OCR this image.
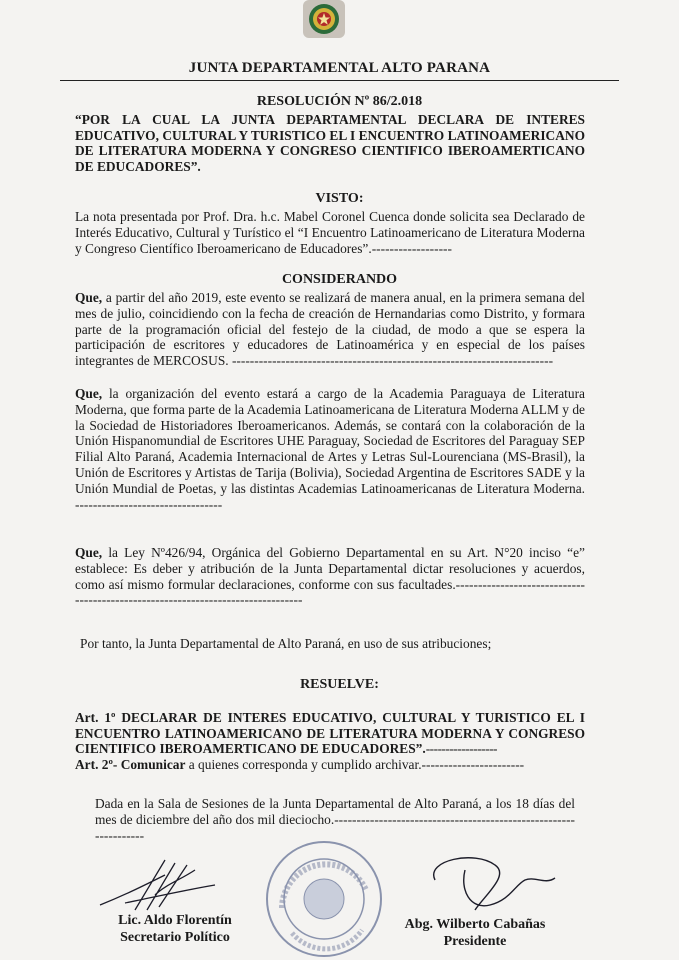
JUNTA DEPARTAMENTAL ALTO PARANA
RESOLUCIÓN Nº 86/2.018
“POR LA CUAL LA JUNTA DEPARTAMENTAL DECLARA DE INTERES EDUCATIVO, CULTURAL Y TURISTICO EL I ENCUENTRO LATINOAMERICANO DE LITERATURA MODERNA Y CONGRESO CIENTIFICO IBEROAMERTICANO DE EDUCADORES”.
VISTO:
La nota presentada por Prof. Dra. h.c. Mabel Coronel Cuenca donde solicita sea Declarado de Interés Educativo, Cultural y Turístico el “I Encuentro Latinoamericano de Literatura Moderna y Congreso Científico Iberoamericano de Educadores”.------------------
CONSIDERANDO
Que, a partir del año 2019, este evento se realizará de manera anual, en la primera semana del mes de julio, coincidiendo con la fecha de creación de Hernandarias como Distrito, y formara parte de la programación oficial del festejo de la ciudad, de modo a que se espera la participación de escritores y educadores de Latinoamérica y en especial de los países integrantes de MERCOSUS. ------------------------------------------------------------------------
Que, la organización del evento estará a cargo de la Academia Paraguaya de Literatura Moderna, que forma parte de la Academia Latinoamericana de Literatura Moderna ALLM y de la Sociedad de Historiadores Iberoamericanos. Además, se contará con la colaboración de la Unión Hispanomundial de Escritores UHE Paraguay, Sociedad de Escritores del Paraguay SEP Filial Alto Paraná, Academia Internacional de Artes y Letras Sul-Lourenciana (MS-Brasil), la Unión de Escritores y Artistas de Tarija (Bolivia), Sociedad Argentina de Escritores SADE y la Unión Mundial de Poetas, y las distintas Academias Latinoamericanas de Literatura Moderna. ---------------------------------
Que, la Ley Nº426/94, Orgánica del Gobierno Departamental en su Art. N°20 inciso “e” establece: Es deber y atribución de la Junta Departamental dictar resoluciones y acuerdos, como así mismo formular declaraciones, conforme con sus facultades.--------------------------------------------------------------------------------
Por tanto, la Junta Departamental de Alto Paraná, en uso de sus atribuciones;
RESUELVE:
Art. 1º DECLARAR DE INTERES EDUCATIVO, CULTURAL Y TURISTICO EL I ENCUENTRO LATINOAMERICANO DE LITERATURA MODERNA Y CONGRESO CIENTIFICO IBEROAMERTICANO DE EDUCADORES”.------------------
Art. 2º- Comunicar a quienes corresponda y cumplido archivar.-----------------------
Dada en la Sala de Sesiones de la Junta Departamental de Alto Paraná, a los 18 días del mes de diciembre del año dos mil dieciocho.-----------------------------------------------------------------
Lic. Aldo Florentín
Secretario Político
Abg. Wilberto Cabañas
Presidente
